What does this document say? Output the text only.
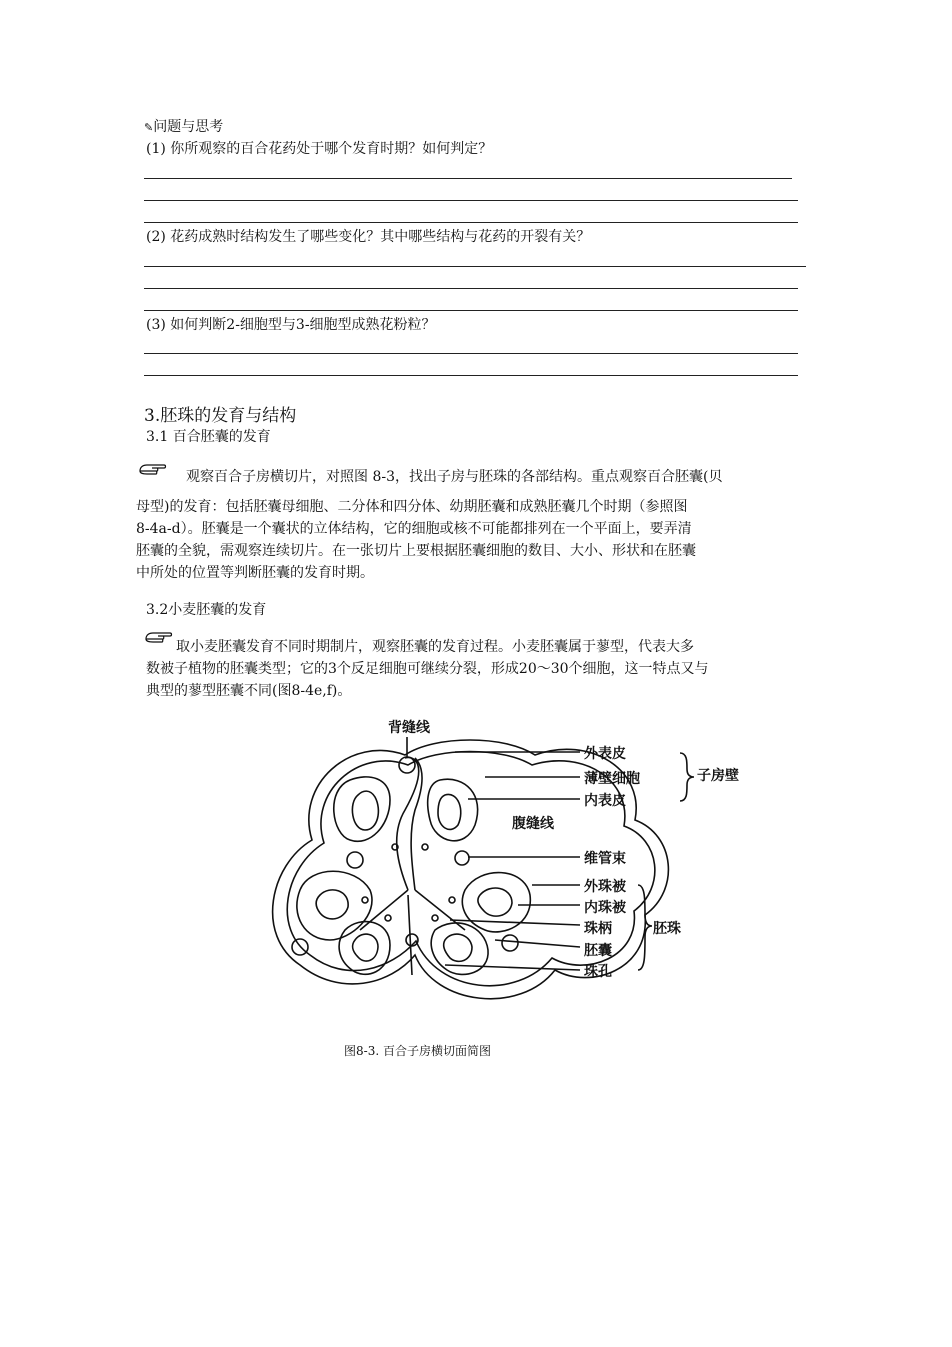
✎问题与思考
(1) 你所观察的百合花药处于哪个发育时期？如何判定？
(2) 花药成熟时结构发生了哪些变化？其中哪些结构与花药的开裂有关？
(3) 如何判断2-细胞型与3-细胞型成熟花粉粒？
3.胚珠的发育与结构
3.1 百合胚囊的发育
观察百合子房横切片，对照图 8-3，找出子房与胚珠的各部结构。重点观察百合胚囊(贝
母型)的发育：包括胚囊母细胞、二分体和四分体、幼期胚囊和成熟胚囊几个时期（参照图
8-4a-d）。胚囊是一个囊状的立体结构，它的细胞或核不可能都排列在一个平面上，要弄清
胚囊的全貌，需观察连续切片。在一张切片上要根据胚囊细胞的数目、大小、形状和在胚囊
中所处的位置等判断胚囊的发育时期。
3.2小麦胚囊的发育
取小麦胚囊发育不同时期制片，观察胚囊的发育过程。小麦胚囊属于蓼型，代表大多
数被子植物的胚囊类型；它的3个反足细胞可继续分裂，形成20～30个细胞，这一特点又与
典型的蓼型胚囊不同(图8-4e,f)。
背缝线
外表皮
薄壁细胞
内表皮
子房壁
腹缝线
维管束
外珠被
内珠被
珠柄
胚囊
珠孔
胚珠
图8-3. 百合子房横切面简图
